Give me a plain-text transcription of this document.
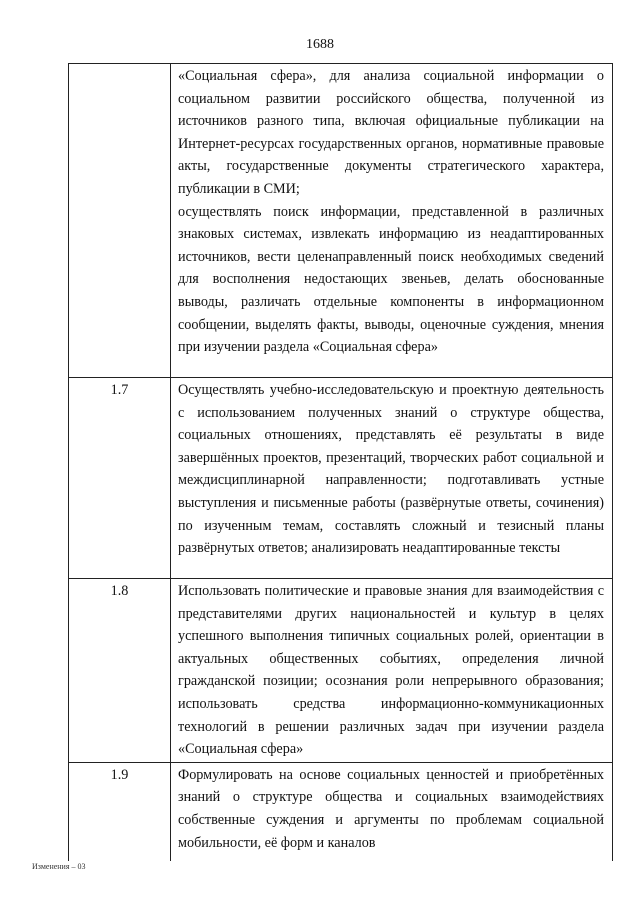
1688

	«Социальная сфера», для анализа социальной информации о социальном развитии российского общества, полученной из источников разного типа, включая официальные публикации на Интернет-ресурсах государственных органов, нормативные правовые акты, государственные документы стратегического характера, публикации в СМИ;

осуществлять поиск информации, представленной в различных знаковых системах, извлекать информацию из неадаптированных источников, вести целенаправленный поиск необходимых сведений для восполнения недостающих звеньев, делать обоснованные выводы, различать отдельные компоненты в информационном сообщении, выделять факты, выводы, оценочные суждения, мнения при изучении раздела «Социальная сфера»

1.7	Осуществлять учебно-исследовательскую и проектную деятельность с использованием полученных знаний о структуре общества, социальных отношениях, представлять её результаты в виде завершённых проектов, презентаций, творческих работ социальной и междисциплинарной направленности; подготавливать устные выступления и письменные работы (развёрнутые ответы, сочинения) по изученным темам, составлять сложный и тезисный планы развёрнутых ответов; анализировать неадаптированные тексты

1.8	Использовать политические и правовые знания для взаимодействия с представителями других национальностей и культур в целях успешного выполнения типичных социальных ролей, ориентации в актуальных общественных событиях, определения личной гражданской позиции; осознания роли непрерывного образования; использовать средства информационно-коммуникационных технологий в решении различных задач при изучении раздела «Социальная сфера»

1.9	Формулировать на основе социальных ценностей и приобретённых знаний о структуре общества и социальных взаимодействиях собственные суждения и аргументы по проблемам социальной мобильности, её форм и каналов

Изменения – 03
